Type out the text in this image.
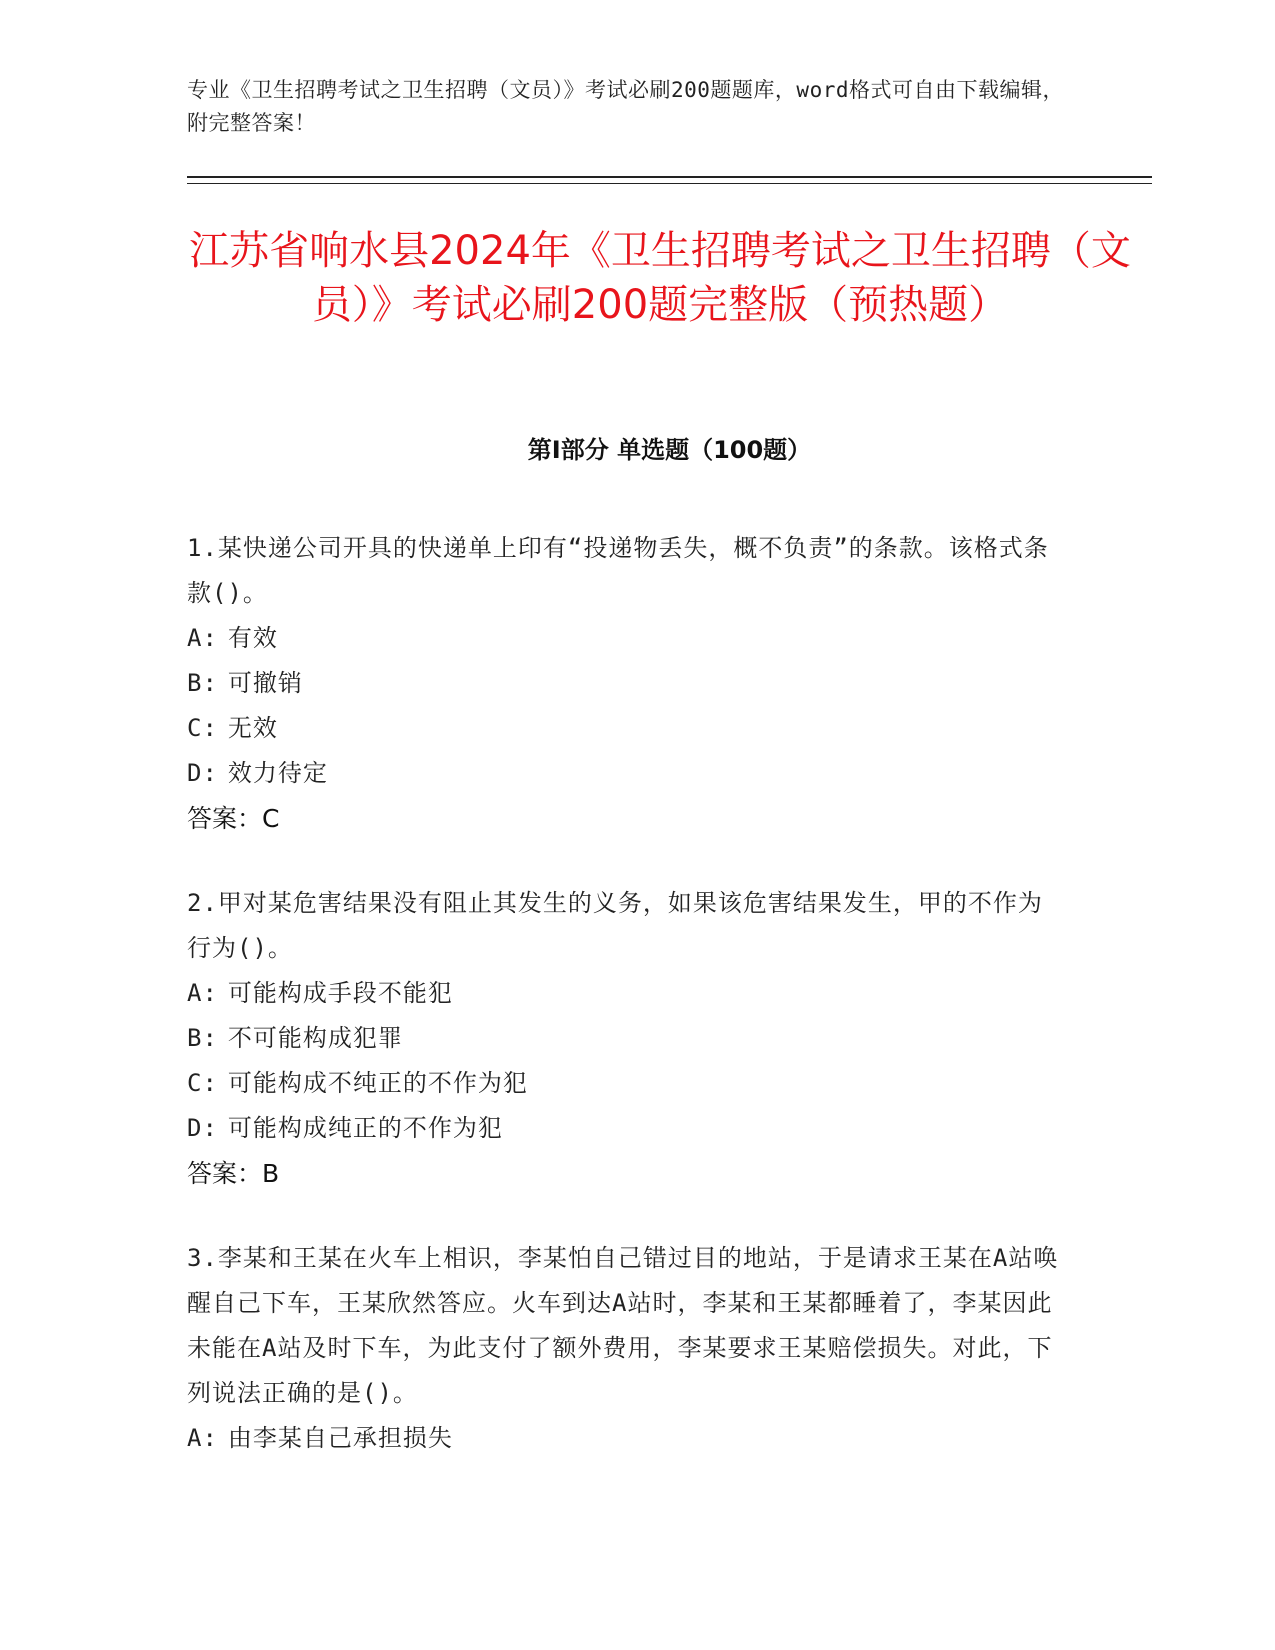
专业《卫生招聘考试之卫生招聘（文员）》考试必刷200题题库，word格式可自由下载编辑，附完整答案！
江苏省响水县2024年《卫生招聘考试之卫生招聘（文员）》考试必刷200题完整版（预热题）
第I部分 单选题（100题）

1.某快递公司开具的快递单上印有“投递物丢失，概不负责”的条款。该格式条款()。

A: 有效
B: 可撤销
C: 无效
D: 效力待定

答案：C

2.甲对某危害结果没有阻止其发生的义务，如果该危害结果发生，甲的不作为行为()。

A: 可能构成手段不能犯
B: 不可能构成犯罪
C: 可能构成不纯正的不作为犯
D: 可能构成纯正的不作为犯

答案：B

3.李某和王某在火车上相识，李某怕自己错过目的地站，于是请求王某在A站唤醒自己下车，王某欣然答应。火车到达A站时，李某和王某都睡着了，李某因此未能在A站及时下车，为此支付了额外费用，李某要求王某赔偿损失。对此，下列说法正确的是()。

A: 由李某自己承担损失
